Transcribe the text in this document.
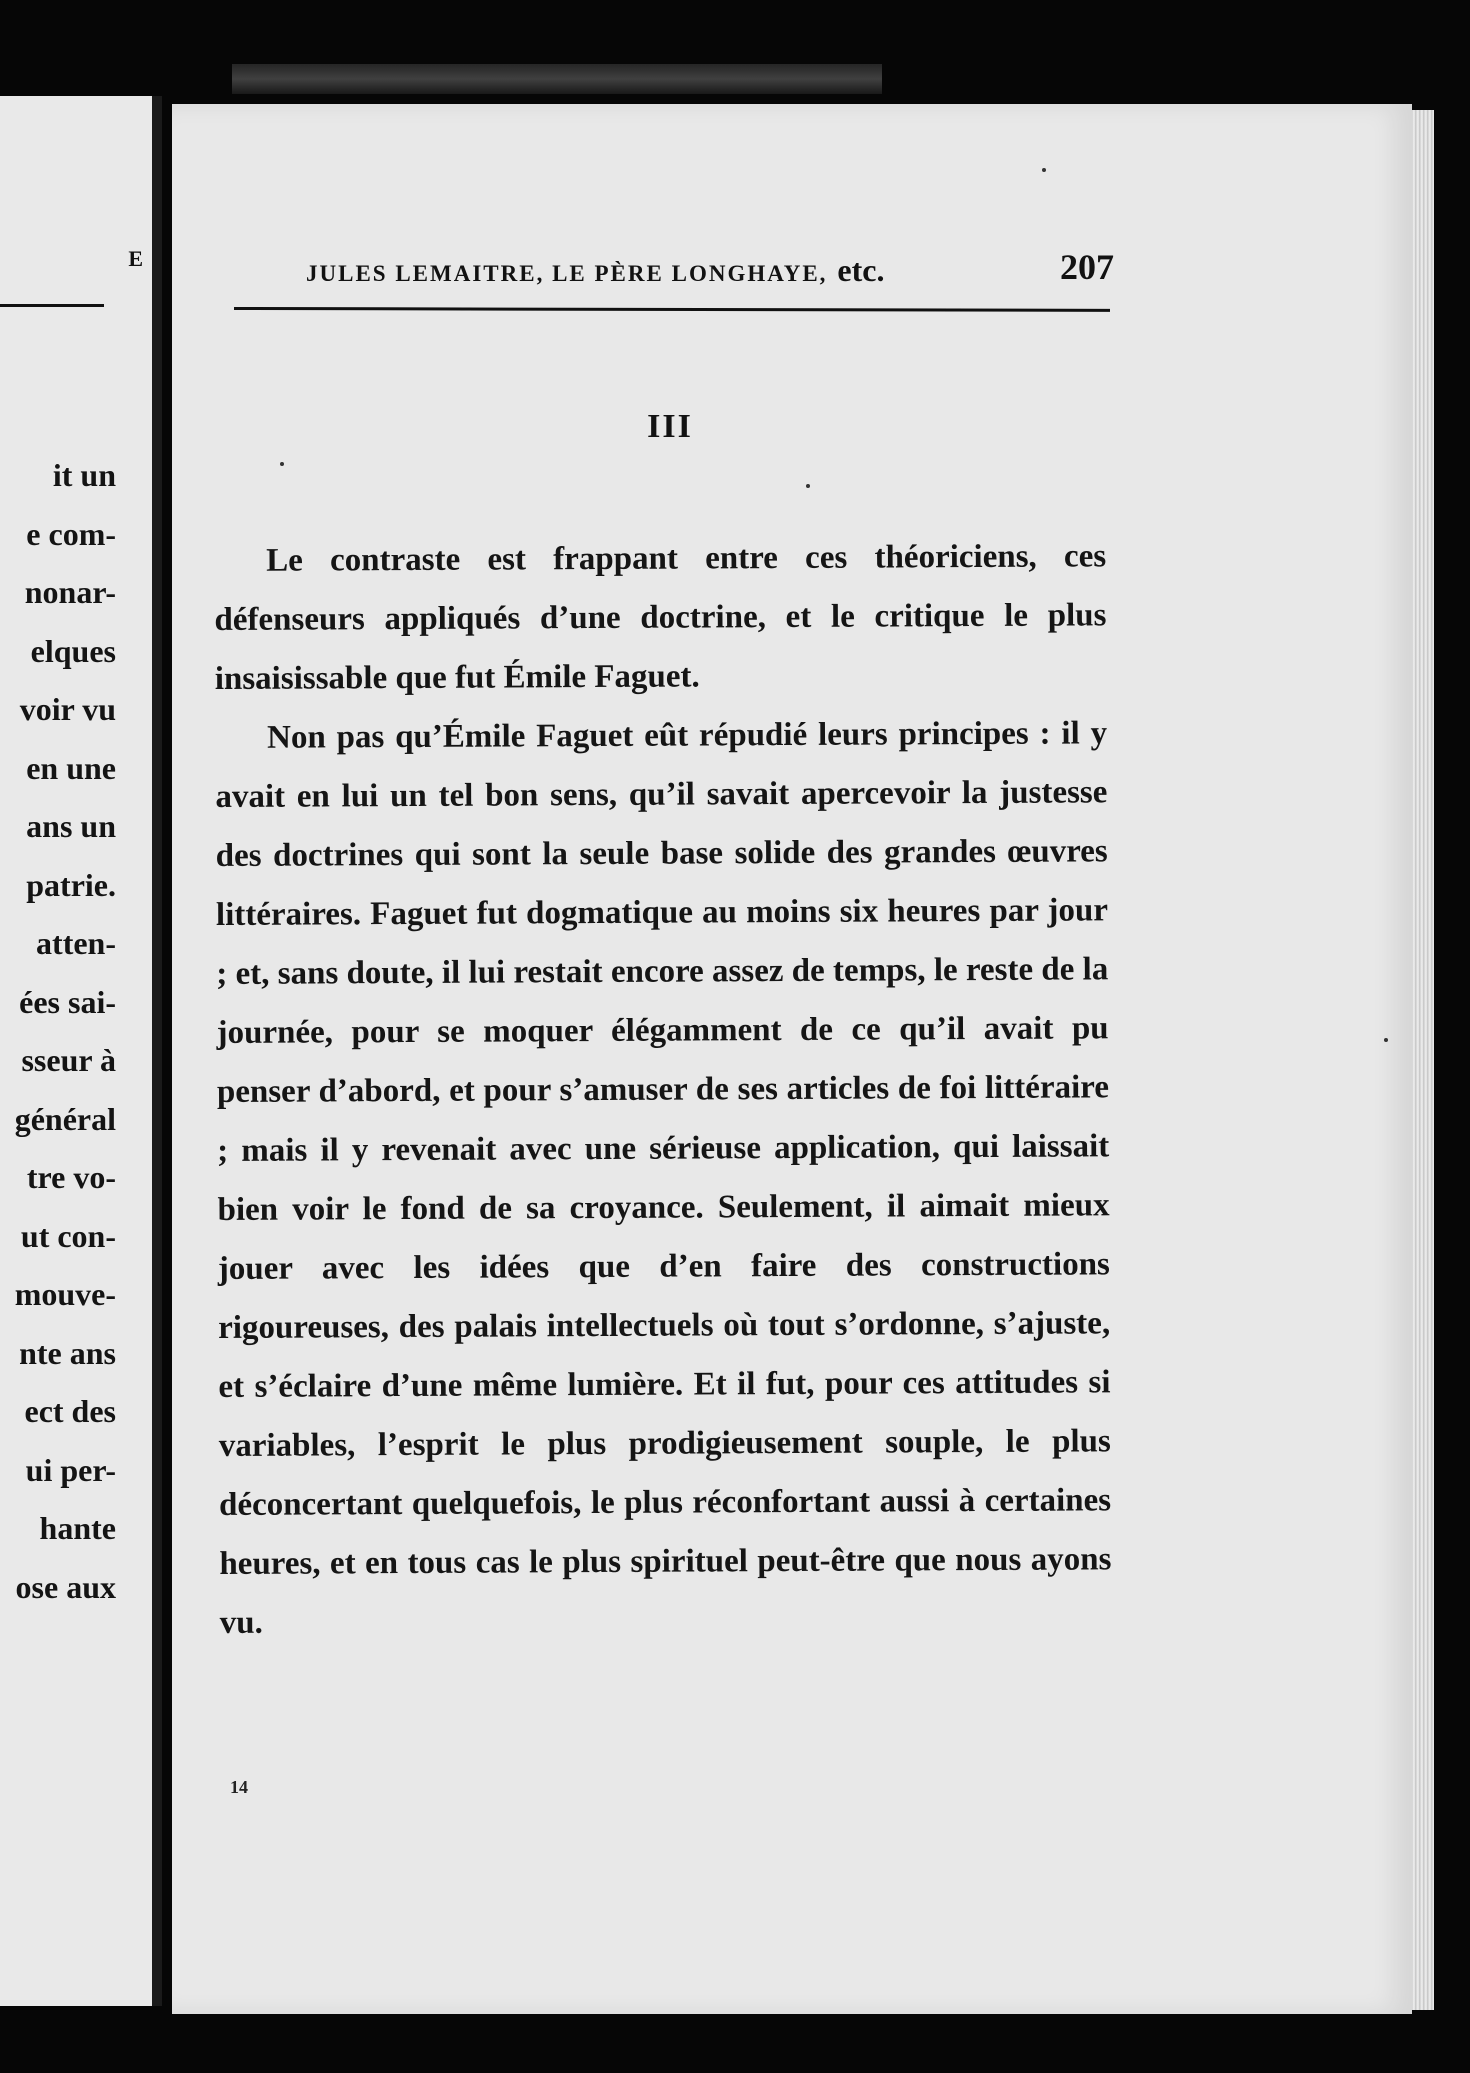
E
it un
e com-
nonar-
elques
voir vu
en une
ans un
patrie.
atten-
ées sai-
sseur à
général
tre vo-
ut con-
mouve-
nte ans
ect des
ui per-
hante
ose aux
JULES LEMAITRE, LE PÈRE LONGHAYE, etc.	207
III

Le contraste est frappant entre ces théoriciens, ces défenseurs appliqués d’une doctrine, et le critique le plus insaisissable que fut Émile Faguet.

Non pas qu’Émile Faguet eût répudié leurs principes : il y avait en lui un tel bon sens, qu’il savait apercevoir la justesse des doctrines qui sont la seule base solide des grandes œuvres littéraires. Faguet fut dogmatique au moins six heures par jour ; et, sans doute, il lui restait encore assez de temps, le reste de la journée, pour se moquer élégamment de ce qu’il avait pu penser d’abord, et pour s’amuser de ses articles de foi littéraire ; mais il y revenait avec une sérieuse application, qui laissait bien voir le fond de sa croyance. Seulement, il aimait mieux jouer avec les idées que d’en faire des constructions rigoureuses, des palais intellectuels où tout s’ordonne, s’ajuste, et s’éclaire d’une même lumière. Et il fut, pour ces attitudes si variables, l’esprit le plus prodigieusement souple, le plus déconcertant quelquefois, le plus réconfortant aussi à certaines heures, et en tous cas le plus spirituel peut-être que nous ayons vu.

14
